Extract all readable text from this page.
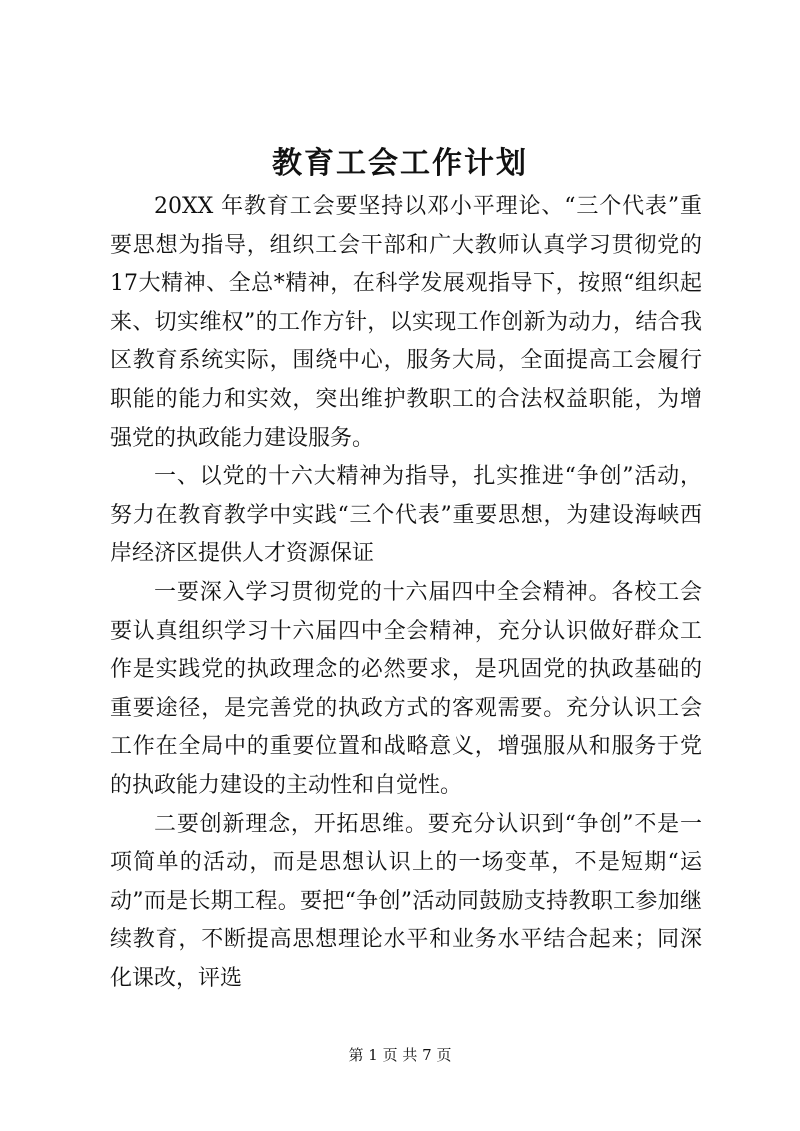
教育工会工作计划

20XX 年教育工会要坚持以邓小平理论、“三个代表”重要思想为指导，组织工会干部和广大教师认真学习贯彻党的17大精神、全总*精神，在科学发展观指导下，按照“组织起来、切实维权”的工作方针，以实现工作创新为动力，结合我区教育系统实际，围绕中心，服务大局，全面提高工会履行职能的能力和实效，突出维护教职工的合法权益职能，为增强党的执政能力建设服务。

一、以党的十六大精神为指导，扎实推进“争创”活动，努力在教育教学中实践“三个代表”重要思想，为建设海峡西岸经济区提供人才资源保证

一要深入学习贯彻党的十六届四中全会精神。各校工会要认真组织学习十六届四中全会精神，充分认识做好群众工作是实践党的执政理念的必然要求，是巩固党的执政基础的重要途径，是完善党的执政方式的客观需要。充分认识工会工作在全局中的重要位置和战略意义，增强服从和服务于党的执政能力建设的主动性和自觉性。

二要创新理念，开拓思维。要充分认识到“争创”不是一项简单的活动，而是思想认识上的一场变革，不是短期“运动”而是长期工程。要把“争创”活动同鼓励支持教职工参加继续教育，不断提高思想理论水平和业务水平结合起来；同深化课改，评选

第 1 页 共 7 页
